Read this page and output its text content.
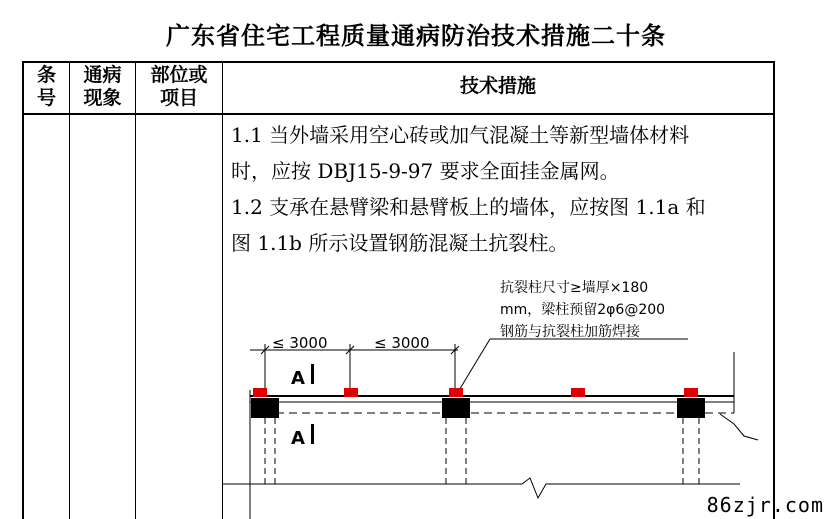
广东省住宅工程质量通病防治技术措施二十条
条
号
通病
现象
部位或
项目
技术措施
1.1 当外墙采用空心砖或加气混凝土等新型墙体材料
时，应按 DBJ15-9-97 要求全面挂金属网。
1.2 支承在悬臂梁和悬臂板上的墙体，应按图 1.1a 和
图 1.1b 所示设置钢筋混凝土抗裂柱。
抗裂柱尺寸≥墙厚×180
mm，梁柱预留2φ6@200
钢筋与抗裂柱加筋焊接
≤ 3000	≤ 3000
A
A
86zjr.com
